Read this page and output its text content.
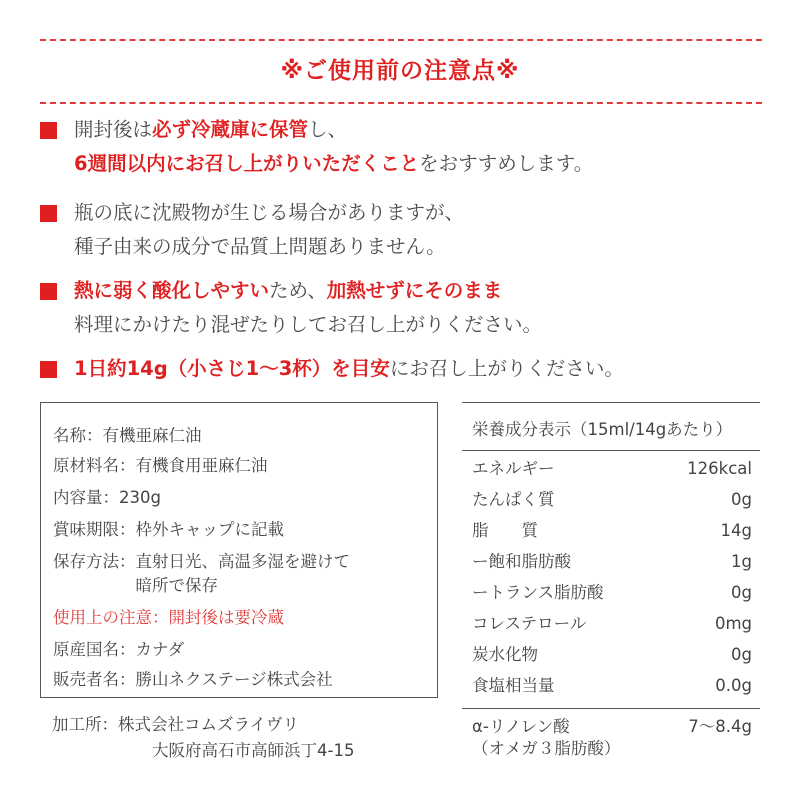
※ご使用前の注意点※
開封後は必ず冷蔵庫に保管し、
6週間以内にお召し上がりいただくことをおすすめします。
瓶の底に沈殿物が生じる場合がありますが、
種子由来の成分で品質上問題ありません。
熱に弱く酸化しやすいため、加熱せずにそのまま
料理にかけたり混ぜたりしてお召し上がりください。
1日約14g（小さじ1〜3杯）を目安にお召し上がりください。
名称：有機亜麻仁油
原材料名：有機食用亜麻仁油
内容量：230g
賞味期限：枠外キャップに記載
保存方法：直射日光、高温多湿を避けて
　　　　　暗所で保存
使用上の注意：開封後は要冷蔵
原産国名：カナダ
販売者名：勝山ネクステージ株式会社
加工所：株式会社コムズライヴリ
大阪府高石市高師浜丁4-15
栄養成分表示（15ml/14gあたり）
エネルギー	126kcal
たんぱく質	0g
脂　　質	14g
ー飽和脂肪酸	1g
ートランス脂肪酸	0g
コレステロール	0mg
炭水化物	0g
食塩相当量	0.0g
α-リノレン酸	7〜8.4g
（オメガ３脂肪酸）
